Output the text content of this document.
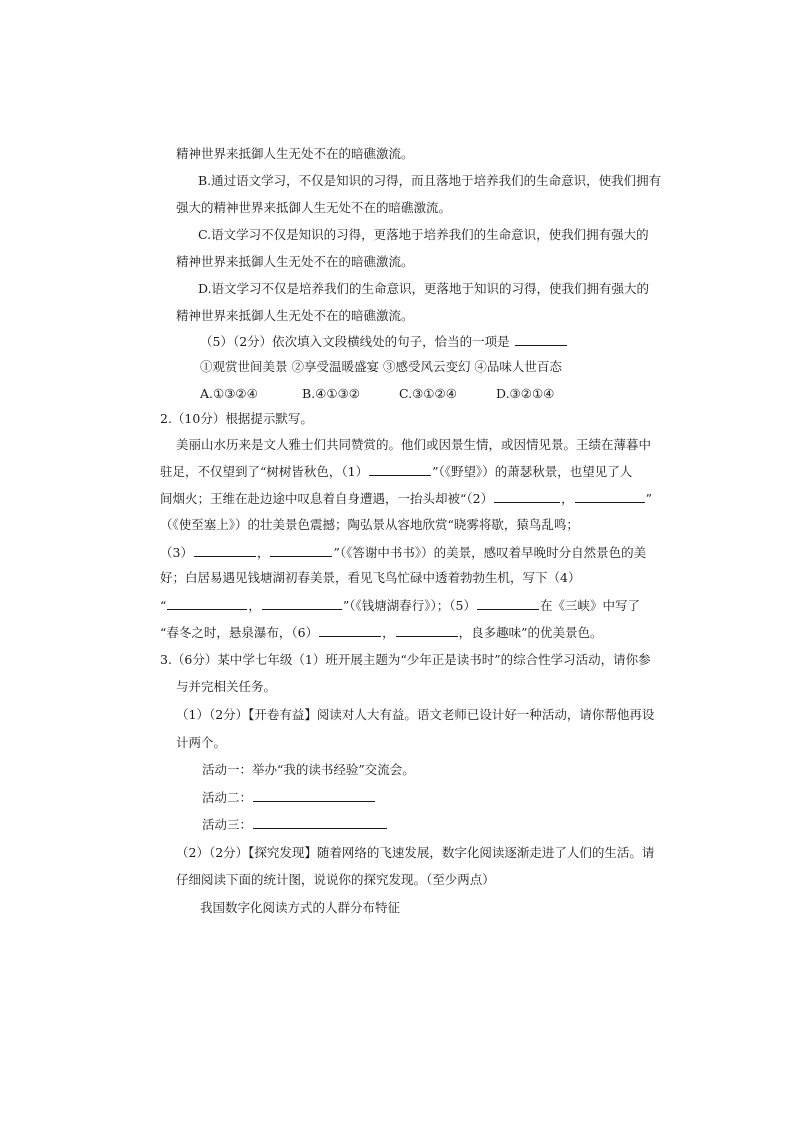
精神世界来抵御人生无处不在的暗礁激流。
B.通过语文学习，不仅是知识的习得，而且落地于培养我们的生命意识，使我们拥有
强大的精神世界来抵御人生无处不在的暗礁激流。
C.语文学习不仅是知识的习得，更落地于培养我们的生命意识，使我们拥有强大的
精神世界来抵御人生无处不在的暗礁激流。
D.语文学习不仅是培养我们的生命意识，更落地于知识的习得，使我们拥有强大的
精神世界来抵御人生无处不在的暗礁激流。
（5）（2分）依次填入文段横线处的句子，恰当的一项是
①观赏世间美景 ②享受温暖盛宴 ③感受风云变幻 ④品味人世百态
A.①③②④	B.④①③②	C.③①②④	D.③②①④
2.（10分）根据提示默写。
美丽山水历来是文人雅士们共同赞赏的。他们或因景生情，或因情见景。王绩在薄暮中
驻足，不仅望到了“树树皆秋色，（1）	”（《野望》）的萧瑟秋景，也望见了人
间烟火；王维在赴边途中叹息着自身遭遇，一抬头却被“（2）	，	”
（《使至塞上》）的壮美景色震撼；陶弘景从容地欣赏“晓雾将歇，猿鸟乱鸣；
（3）	，	”（《答谢中书书》）的美景，感叹着早晚时分自然景色的美
好；白居易遇见钱塘湖初春美景，看见飞鸟忙碌中透着勃勃生机，写下（4）
“	，	”（《钱塘湖春行》）；（5）	在《三峡》中写了
“春冬之时，悬泉瀑布，（6）	，	，良多趣味”的优美景色。
3.（6分）某中学七年级（1）班开展主题为“少年正是读书时”的综合性学习活动，请你参
与并完相关任务。
（1）（2分）【开卷有益】阅读对人大有益。语文老师已设计好一种活动，请你帮他再设
计两个。
活动一：举办“我的读书经验”交流会。
活动二：
活动三：
（2）（2分）【探究发现】随着网络的飞速发展，数字化阅读逐渐走进了人们的生活。请
仔细阅读下面的统计图，说说你的探究发现。（至少两点）
我国数字化阅读方式的人群分布特征
